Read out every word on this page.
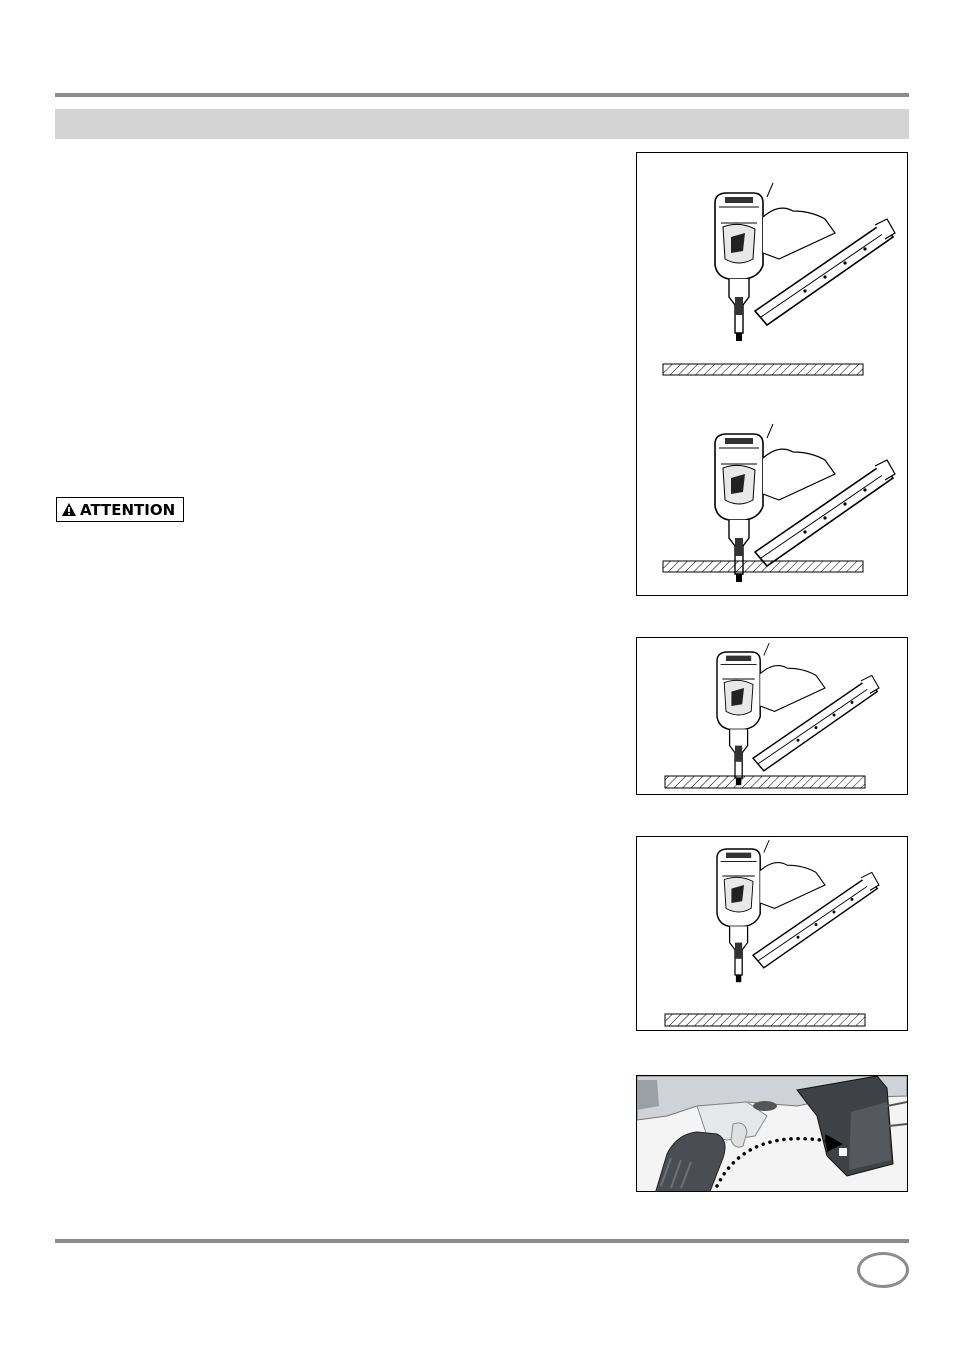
ATTENTION
